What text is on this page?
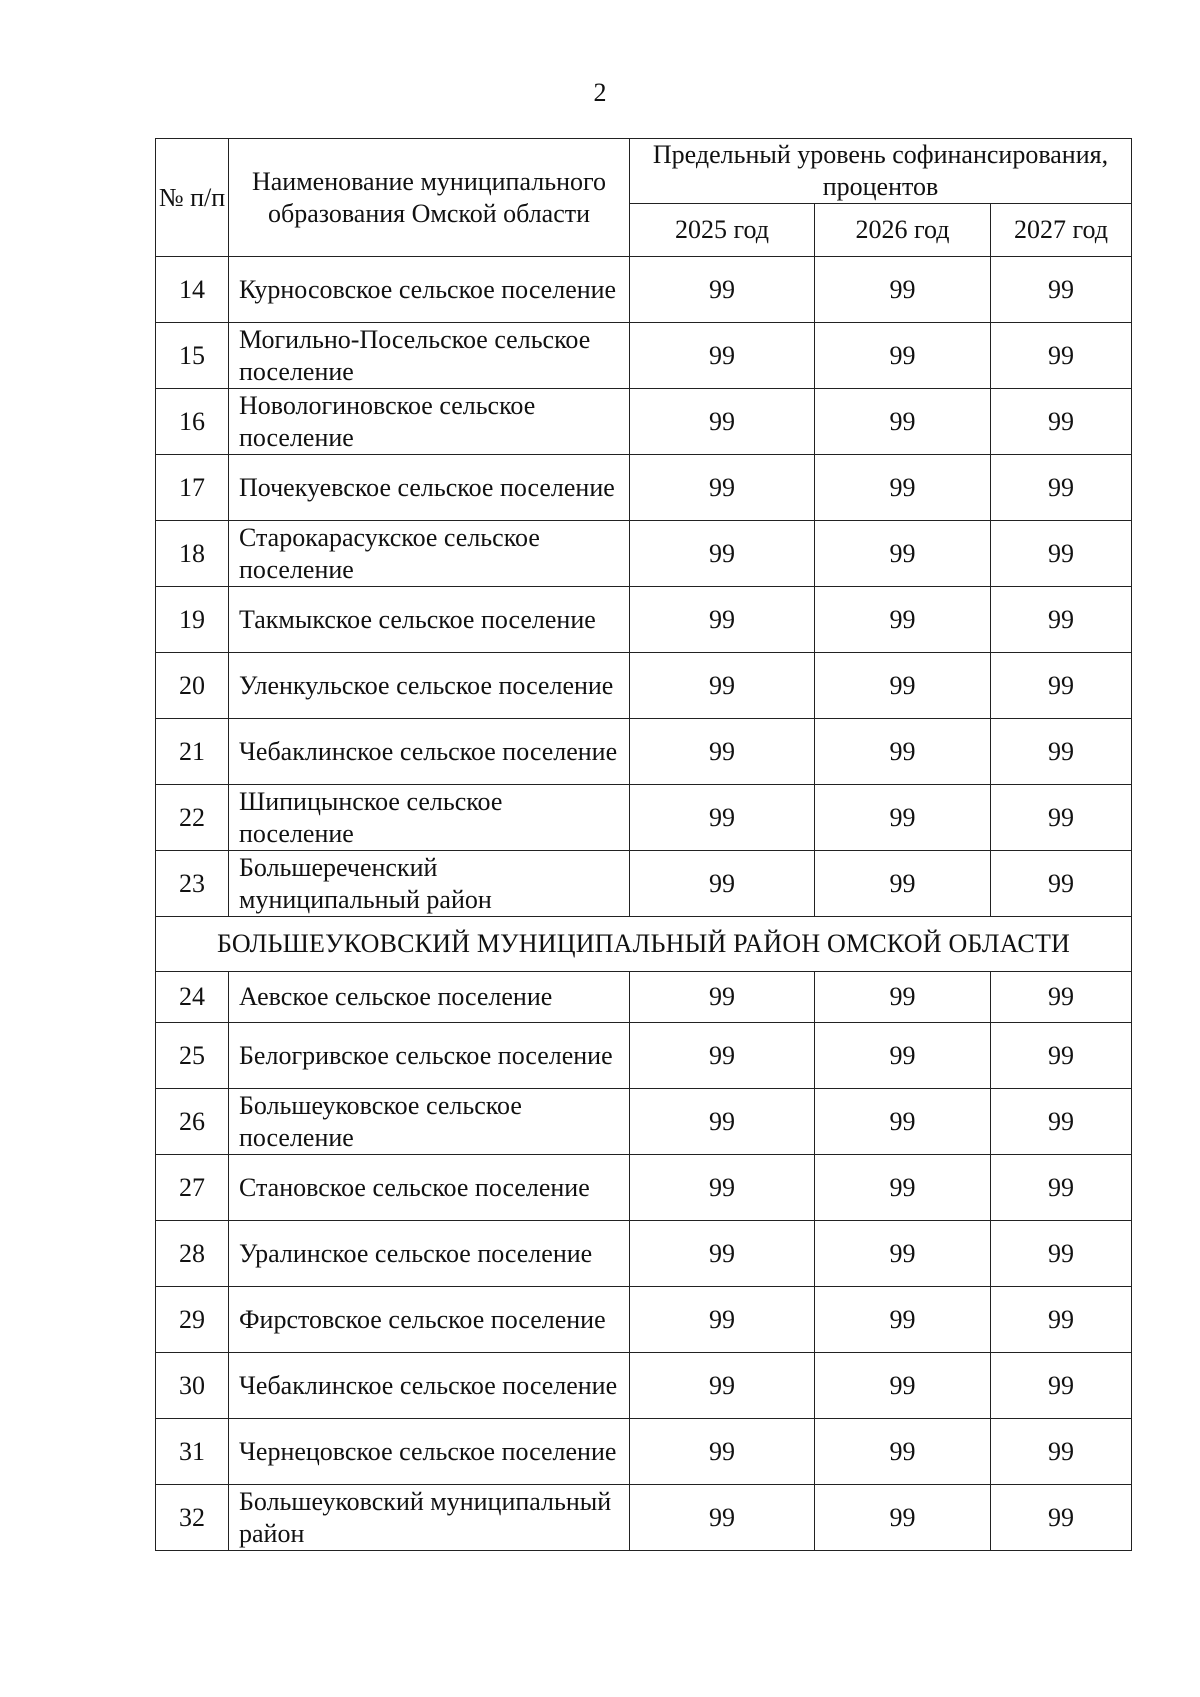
2
№ п/п	Наименование муниципального образования Омской области	Предельный уровень софинансирования, процентов		
		2025 год	2026 год	2027 год
14	Курносовское сельское поселение	99	99	99
15	Могильно-Посельское сельское поселение	99	99	99
16	Новологиновское сельское поселение	99	99	99
17	Почекуевское сельское поселение	99	99	99
18	Старокарасукское сельское поселение	99	99	99
19	Такмыкское сельское поселение	99	99	99
20	Уленкульское сельское поселение	99	99	99
21	Чебаклинское сельское поселение	99	99	99
22	Шипицынское сельское поселение	99	99	99
23	Большереченский муниципальный район	99	99	99
БОЛЬШЕУКОВСКИЙ МУНИЦИПАЛЬНЫЙ РАЙОН ОМСКОЙ ОБЛАСТИ				
24	Аевское сельское поселение	99	99	99
25	Белогривское сельское поселение	99	99	99
26	Большеуковское сельское поселение	99	99	99
27	Становское сельское поселение	99	99	99
28	Уралинское сельское поселение	99	99	99
29	Фирстовское сельское поселение	99	99	99
30	Чебаклинское сельское поселение	99	99	99
31	Чернецовское сельское поселение	99	99	99
32	Большеуковский муниципальный район	99	99	99
